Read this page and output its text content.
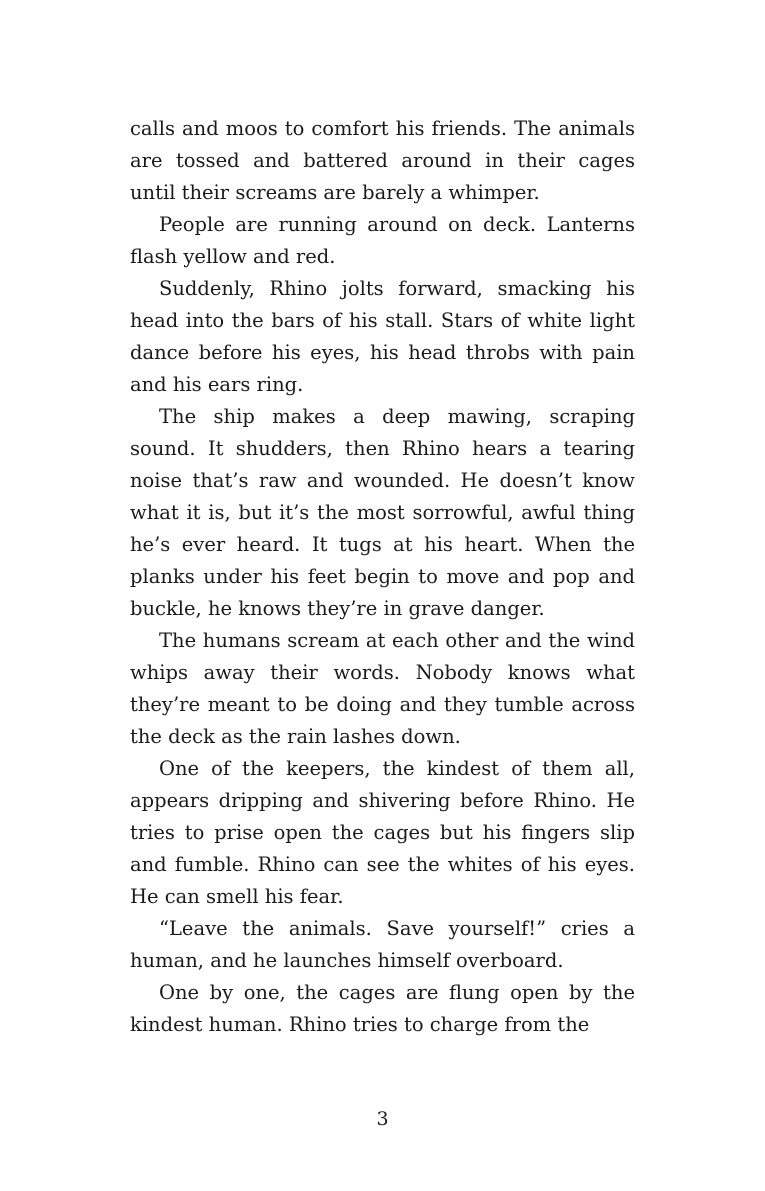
calls and moos to comfort his friends. The animals are tossed and battered around in their cages until their screams are barely a whimper.

People are running around on deck. Lanterns flash yellow and red.

Suddenly, Rhino jolts forward, smacking his head into the bars of his stall. Stars of white light dance before his eyes, his head throbs with pain and his ears ring.

The ship makes a deep mawing, scraping sound. It shudders, then Rhino hears a tearing noise that’s raw and wounded. He doesn’t know what it is, but it’s the most sorrowful, awful thing he’s ever heard. It tugs at his heart. When the planks under his feet begin to move and pop and buckle, he knows they’re in grave danger.

The humans scream at each other and the wind whips away their words. Nobody knows what they’re meant to be doing and they tumble across the deck as the rain lashes down.

One of the keepers, the kindest of them all, appears dripping and shivering before Rhino. He tries to prise open the cages but his fingers slip and fumble. Rhino can see the whites of his eyes. He can smell his fear.

“Leave the animals. Save yourself!” cries a human, and he launches himself overboard.

One by one, the cages are flung open by the kindest human. Rhino tries to charge from the

3
